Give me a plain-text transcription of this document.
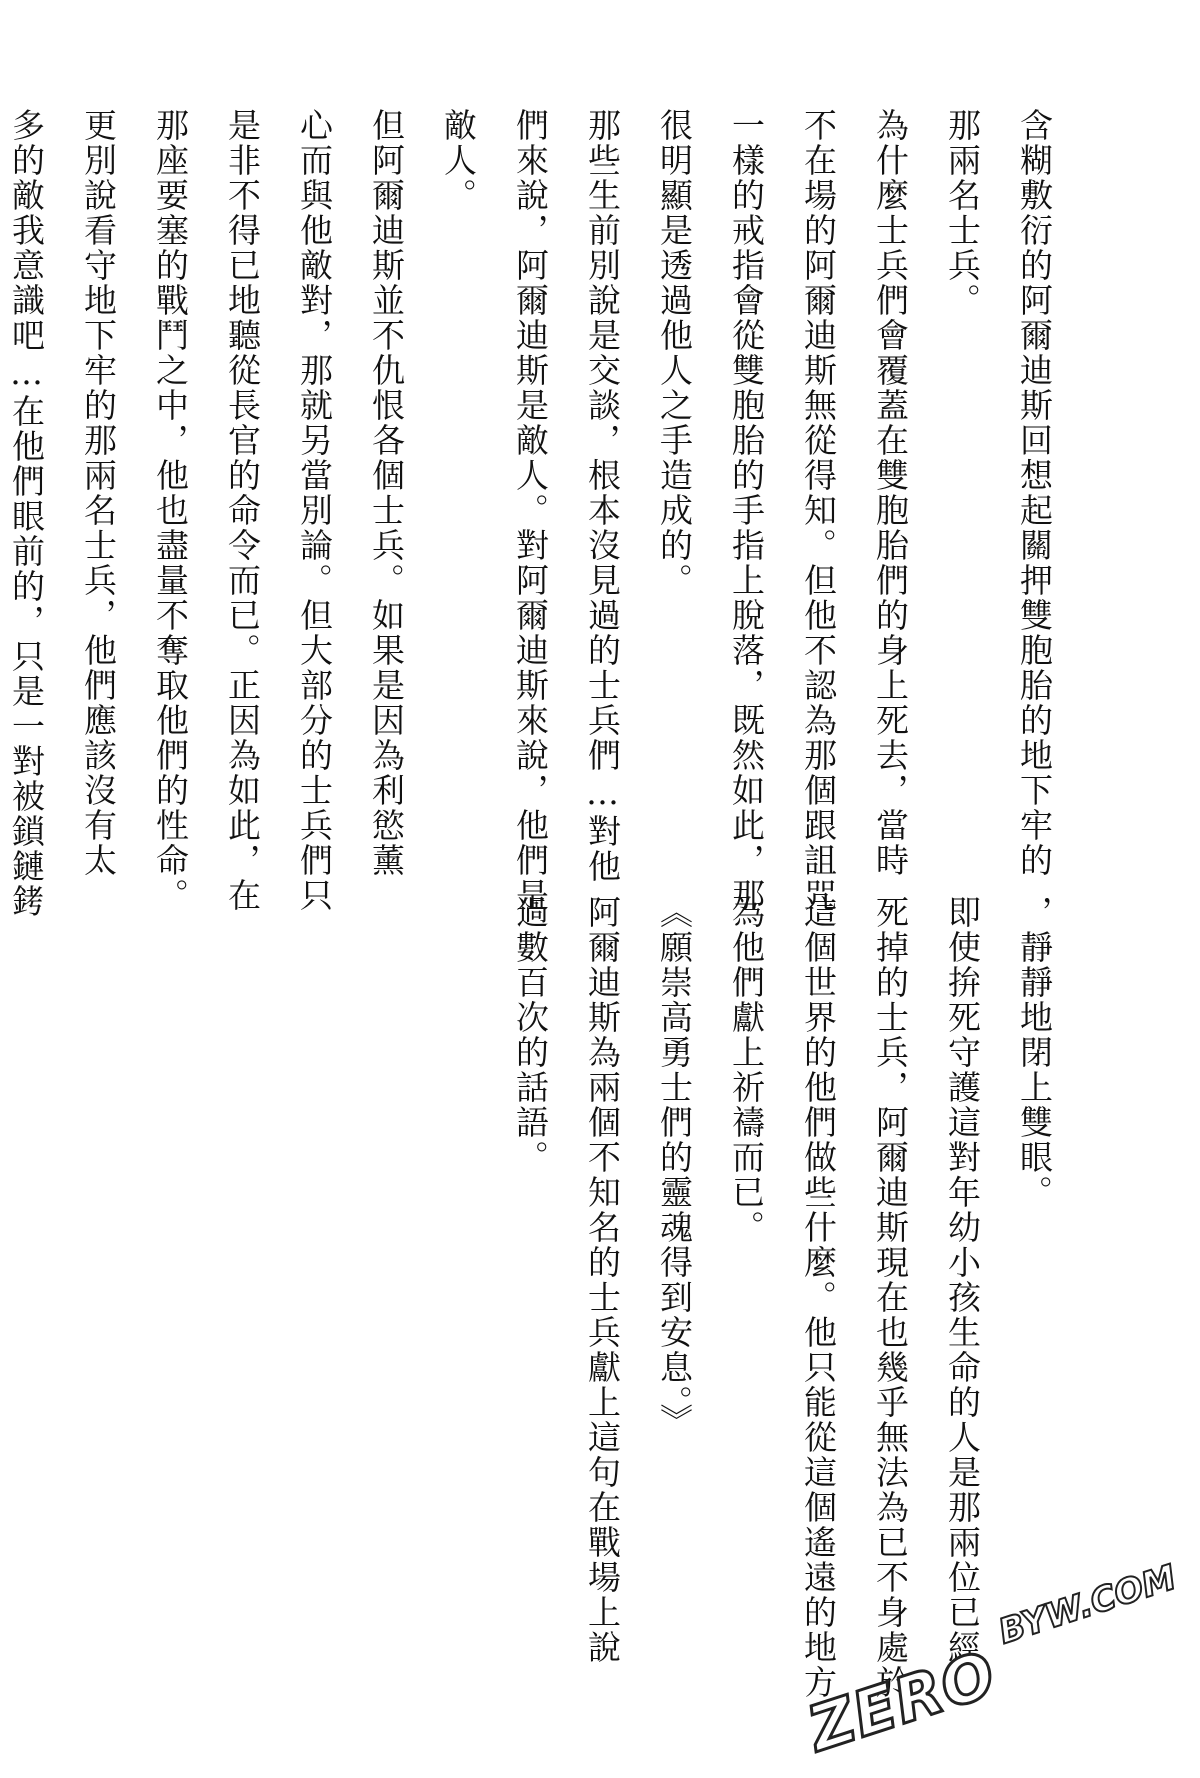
含糊敷衍的阿爾迪斯回想起關押雙胞胎的地下牢的
那兩名士兵。
為什麼士兵們會覆蓋在雙胞胎們的身上死去，當時
不在場的阿爾迪斯無從得知。但他不認為那個跟詛咒
一樣的戒指會從雙胞胎的手指上脫落，既然如此，那
很明顯是透過他人之手造成的。
那些生前別說是交談，根本沒見過的士兵們…對他
們來說，阿爾迪斯是敵人。對阿爾迪斯來說，他們是
敵人。
但阿爾迪斯並不仇恨各個士兵。如果是因為利慾薰
心而與他敵對，那就另當別論。但大部分的士兵們只
是非不得已地聽從長官的命令而已。正因為如此，在
那座要塞的戰鬥之中，他也盡量不奪取他們的性命。
更別說看守地下牢的那兩名士兵，他們應該沒有太
多的敵我意識吧…在他們眼前的，只是一對被鎖鏈銬
，靜靜地閉上雙眼。
即使拚死守護這對年幼小孩生命的人是那兩位已經
死掉的士兵，阿爾迪斯現在也幾乎無法為已不身處於
這個世界的他們做些什麼。他只能從這個遙遠的地方
為他們獻上祈禱而已。
《願崇高勇士們的靈魂得到安息。》
阿爾迪斯為兩個不知名的士兵獻上這句在戰場上說
過數百次的話語。
ZERO
BYW.COM
